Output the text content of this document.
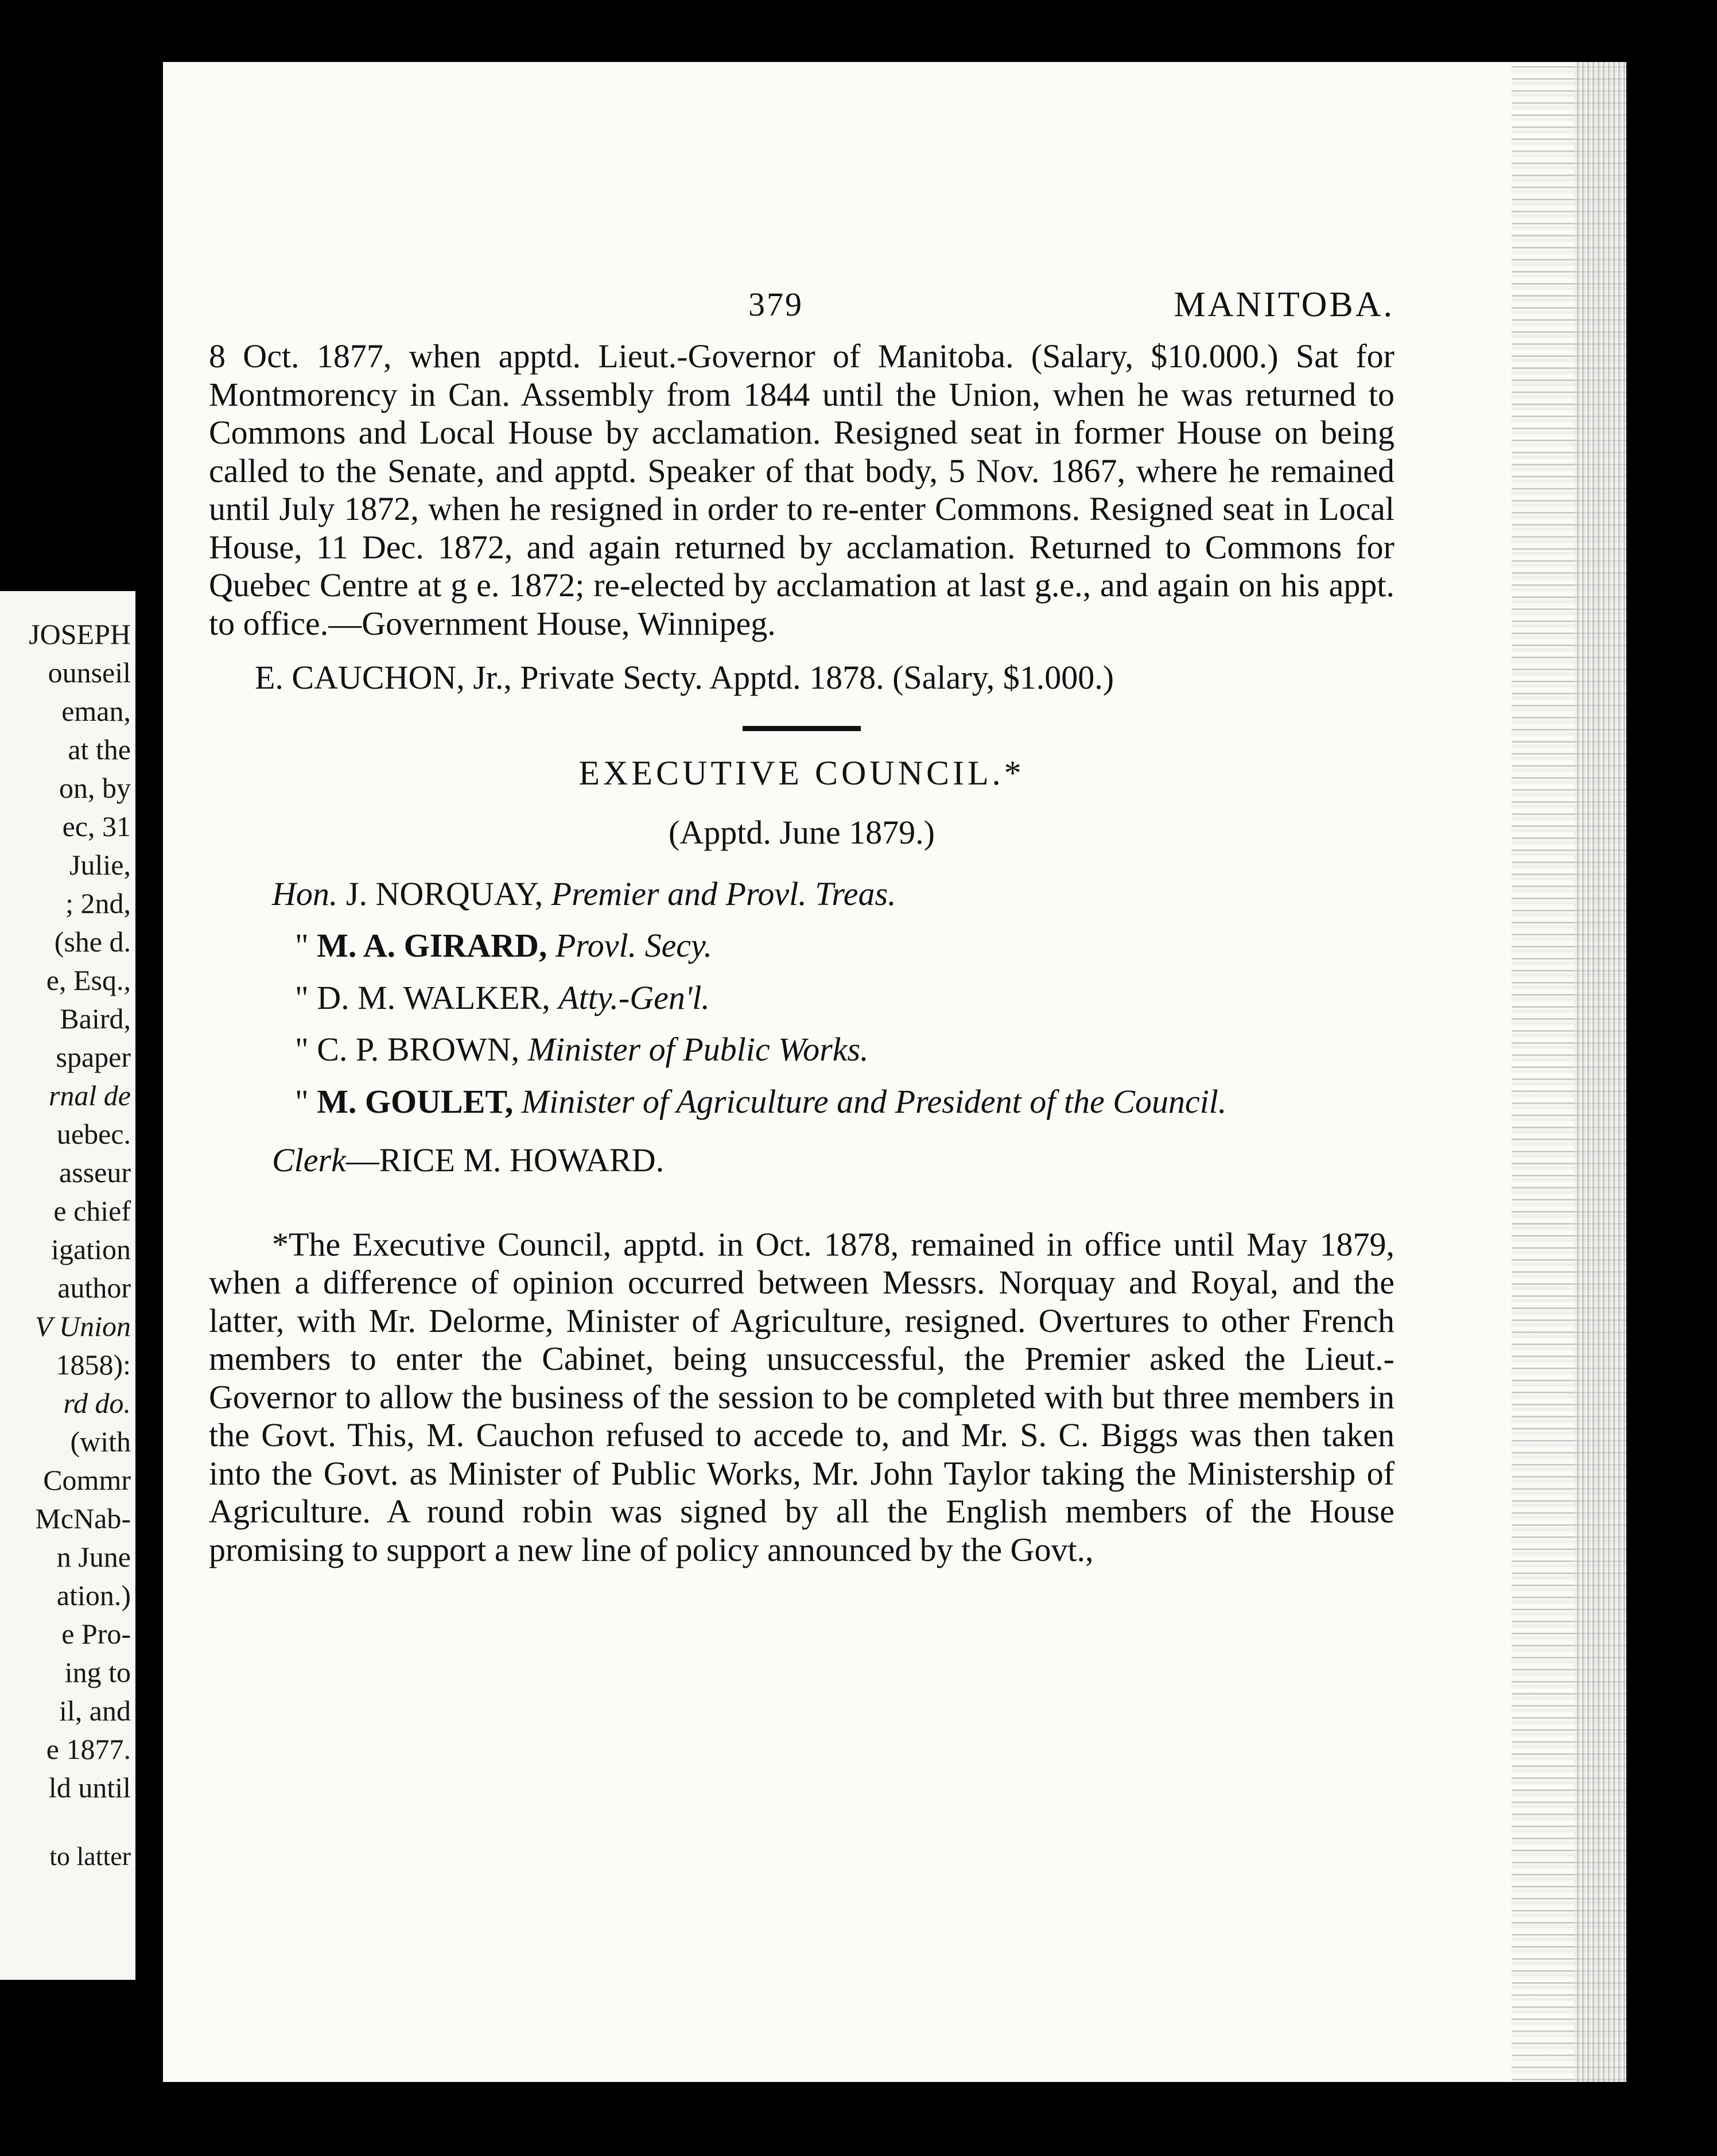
JOSEPH
ounseil
eman,
at the
on, by
ec, 31
Julie,
; 2nd,
(she d.
e, Esq.,
Baird,
spaper
rnal de
uebec.
asseur
e chief
igation
author
V Union
1858):
rd do.
(with
Commr
McNab-
n June
ation.)
e Pro-
ing to
il, and
e 1877.
ld until
to latter
379	MANITOBA.

8 Oct. 1877, when apptd. Lieut.-Governor of Manitoba. (Salary, $10.000.) Sat for Montmorency in Can. Assembly from 1844 until the Union, when he was returned to Commons and Local House by acclamation. Resigned seat in former House on being called to the Senate, and apptd. Speaker of that body, 5 Nov. 1867, where he remained until July 1872, when he resigned in order to re-enter Commons. Resigned seat in Local House, 11 Dec. 1872, and again returned by acclamation. Returned to Commons for Quebec Centre at g e. 1872; re-elected by acclamation at last g.e., and again on his appt. to office.—Government House, Winnipeg.

E. CAUCHON, Jr., Private Secty. Apptd. 1878. (Salary, $1.000.)

EXECUTIVE COUNCIL.*
(Apptd. June 1879.)
Hon. J. NORQUAY, Premier and Provl. Treas.
" M. A. GIRARD, Provl. Secy.
" D. M. WALKER, Atty.-Gen'l.
" C. P. BROWN, Minister of Public Works.
" M. GOULET, Minister of Agriculture and President of the Council.
Clerk—RICE M. HOWARD.

*The Executive Council, apptd. in Oct. 1878, remained in office until May 1879, when a difference of opinion occurred between Messrs. Norquay and Royal, and the latter, with Mr. Delorme, Minister of Agriculture, resigned. Overtures to other French members to enter the Cabinet, being unsuccessful, the Premier asked the Lieut.-Governor to allow the business of the session to be completed with but three members in the Govt. This, M. Cauchon refused to accede to, and Mr. S. C. Biggs was then taken into the Govt. as Minister of Public Works, Mr. John Taylor taking the Ministership of Agriculture. A round robin was signed by all the English members of the House promising to support a new line of policy announced by the Govt.,
